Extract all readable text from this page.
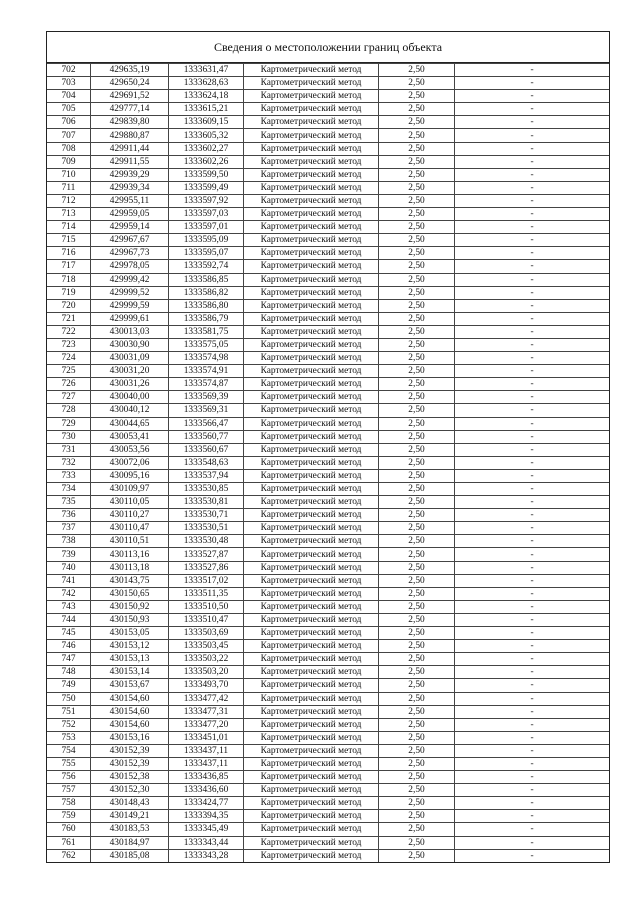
Сведения о местоположении границ объекта
702	429635,19	1333631,47	Картометрический метод	2,50	-
703	429650,24	1333628,63	Картометрический метод	2,50	-
704	429691,52	1333624,18	Картометрический метод	2,50	-
705	429777,14	1333615,21	Картометрический метод	2,50	-
706	429839,80	1333609,15	Картометрический метод	2,50	-
707	429880,87	1333605,32	Картометрический метод	2,50	-
708	429911,44	1333602,27	Картометрический метод	2,50	-
709	429911,55	1333602,26	Картометрический метод	2,50	-
710	429939,29	1333599,50	Картометрический метод	2,50	-
711	429939,34	1333599,49	Картометрический метод	2,50	-
712	429955,11	1333597,92	Картометрический метод	2,50	-
713	429959,05	1333597,03	Картометрический метод	2,50	-
714	429959,14	1333597,01	Картометрический метод	2,50	-
715	429967,67	1333595,09	Картометрический метод	2,50	-
716	429967,73	1333595,07	Картометрический метод	2,50	-
717	429978,05	1333592,74	Картометрический метод	2,50	-
718	429999,42	1333586,85	Картометрический метод	2,50	-
719	429999,52	1333586,82	Картометрический метод	2,50	-
720	429999,59	1333586,80	Картометрический метод	2,50	-
721	429999,61	1333586,79	Картометрический метод	2,50	-
722	430013,03	1333581,75	Картометрический метод	2,50	-
723	430030,90	1333575,05	Картометрический метод	2,50	-
724	430031,09	1333574,98	Картометрический метод	2,50	-
725	430031,20	1333574,91	Картометрический метод	2,50	-
726	430031,26	1333574,87	Картометрический метод	2,50	-
727	430040,00	1333569,39	Картометрический метод	2,50	-
728	430040,12	1333569,31	Картометрический метод	2,50	-
729	430044,65	1333566,47	Картометрический метод	2,50	-
730	430053,41	1333560,77	Картометрический метод	2,50	-
731	430053,56	1333560,67	Картометрический метод	2,50	-
732	430072,06	1333548,63	Картометрический метод	2,50	-
733	430095,16	1333537,94	Картометрический метод	2,50	-
734	430109,97	1333530,85	Картометрический метод	2,50	-
735	430110,05	1333530,81	Картометрический метод	2,50	-
736	430110,27	1333530,71	Картометрический метод	2,50	-
737	430110,47	1333530,51	Картометрический метод	2,50	-
738	430110,51	1333530,48	Картометрический метод	2,50	-
739	430113,16	1333527,87	Картометрический метод	2,50	-
740	430113,18	1333527,86	Картометрический метод	2,50	-
741	430143,75	1333517,02	Картометрический метод	2,50	-
742	430150,65	1333511,35	Картометрический метод	2,50	-
743	430150,92	1333510,50	Картометрический метод	2,50	-
744	430150,93	1333510,47	Картометрический метод	2,50	-
745	430153,05	1333503,69	Картометрический метод	2,50	-
746	430153,12	1333503,45	Картометрический метод	2,50	-
747	430153,13	1333503,22	Картометрический метод	2,50	-
748	430153,14	1333503,20	Картометрический метод	2,50	-
749	430153,67	1333493,70	Картометрический метод	2,50	-
750	430154,60	1333477,42	Картометрический метод	2,50	-
751	430154,60	1333477,31	Картометрический метод	2,50	-
752	430154,60	1333477,20	Картометрический метод	2,50	-
753	430153,16	1333451,01	Картометрический метод	2,50	-
754	430152,39	1333437,11	Картометрический метод	2,50	-
755	430152,39	1333437,11	Картометрический метод	2,50	-
756	430152,38	1333436,85	Картометрический метод	2,50	-
757	430152,30	1333436,60	Картометрический метод	2,50	-
758	430148,43	1333424,77	Картометрический метод	2,50	-
759	430149,21	1333394,35	Картометрический метод	2,50	-
760	430183,53	1333345,49	Картометрический метод	2,50	-
761	430184,97	1333343,44	Картометрический метод	2,50	-
762	430185,08	1333343,28	Картометрический метод	2,50	-
